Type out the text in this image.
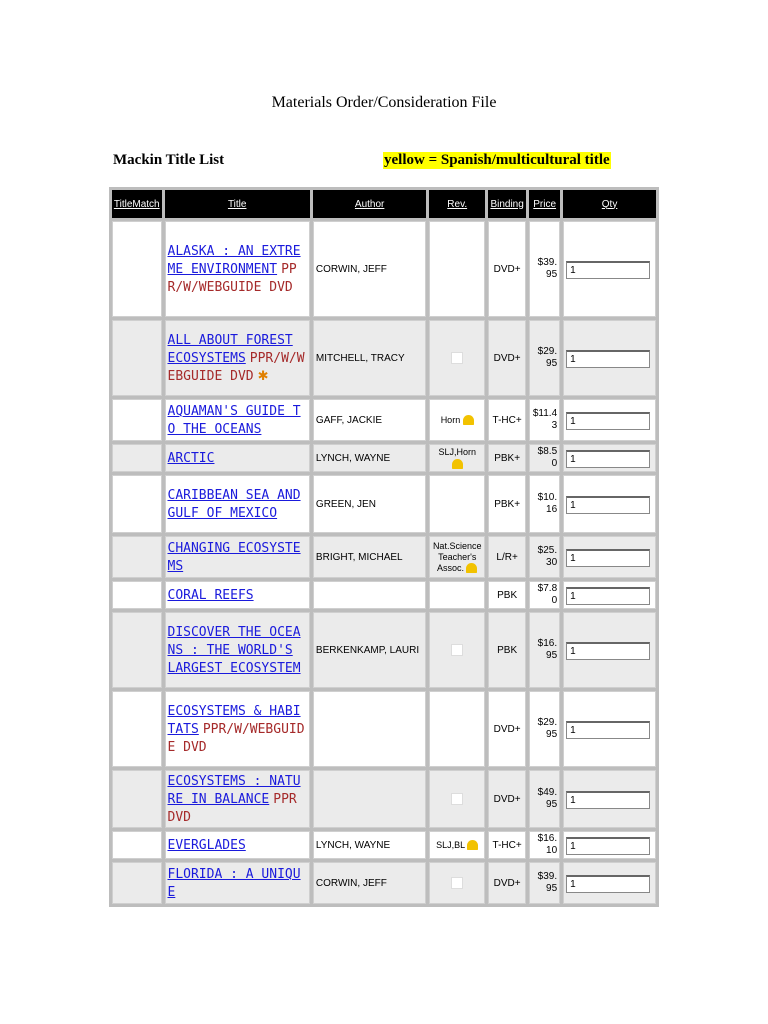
Materials Order/Consideration File
Mackin Title List	yellow = Spanish/multicultural title
TitleMatch	Title	Author	Rev.	Binding	Price	Qty

	ALASKA : AN EXTREME ENVIRONMENT PPR/W/WEBGUIDE DVD	CORWIN, JEFF		DVD+	$39.95	1

	ALL ABOUT FOREST ECOSYSTEMS PPR/W/WEBGUIDE DVD ✱	MITCHELL, TRACY		DVD+	$29.95	1

	AQUAMAN'S GUIDE TO THE OCEANS	GAFF, JACKIE	Horn	T-HC+	$11.43	1

	ARCTIC	LYNCH, WAYNE	SLJ,Horn	PBK+	$8.50	1

	CARIBBEAN SEA AND GULF OF MEXICO	GREEN, JEN		PBK+	$10.16	1

	CHANGING ECOSYSTEMS	BRIGHT, MICHAEL	Nat.Science Teacher's Assoc.	L/R+	$25.30	1

	CORAL REEFS			PBK	$7.80	1

	DISCOVER THE OCEANS : THE WORLD'S LARGEST ECOSYSTEM	BERKENKAMP, LAURI		PBK	$16.95	1

	ECOSYSTEMS & HABITATS PPR/W/WEBGUIDE DVD			DVD+	$29.95	1

	ECOSYSTEMS : NATURE IN BALANCE PPR DVD			DVD+	$49.95	1

	EVERGLADES	LYNCH, WAYNE	SLJ,BL	T-HC+	$16.10	1

	FLORIDA : A UNIQUE	CORWIN, JEFF		DVD+	$39.95	1
